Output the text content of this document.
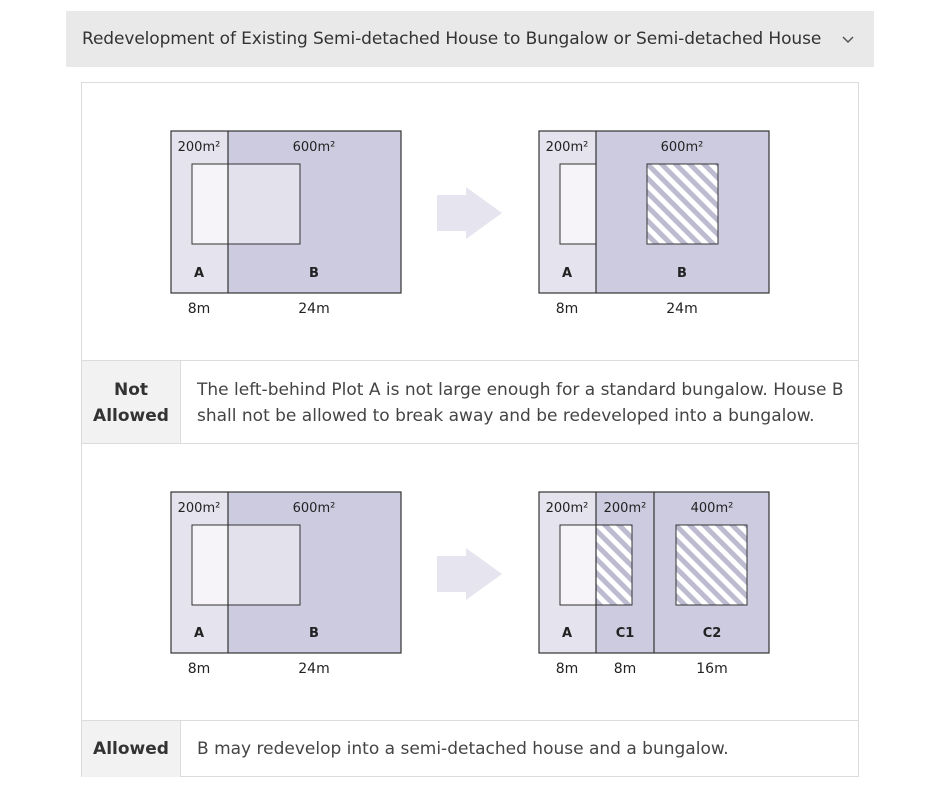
Redevelopment of Existing Semi-detached House to Bungalow or Semi-detached House
200m²	600m²
A	B
8m	24m
200m²	600m²
A	B
8m	24m
Not Allowed
The left-behind Plot A is not large enough for a standard bungalow. House B shall not be allowed to break away and be redeveloped into a bungalow.
200m²	600m²
A	B
8m	24m
200m² 200m²	400m²
A	C1	C2
8m	8m	16m
Allowed	B may redevelop into a semi-detached house and a bungalow.
